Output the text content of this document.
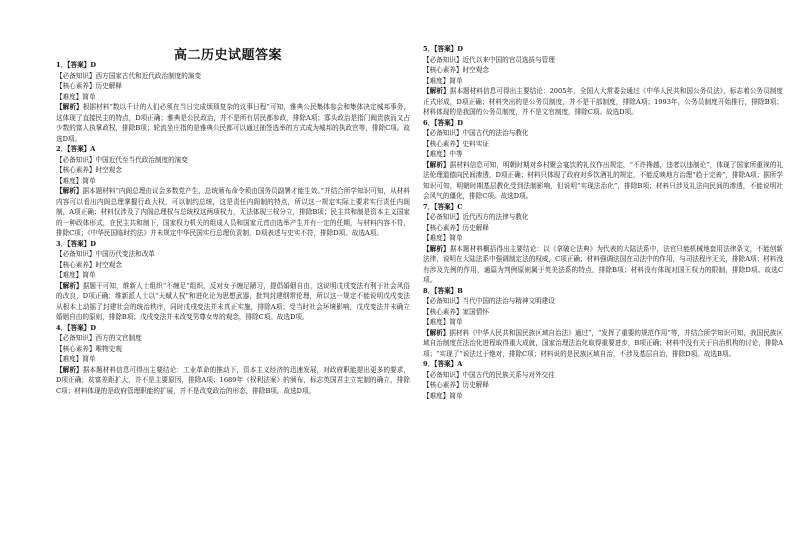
高二历史试题答案
1．【答案】D
【必备知识】西方国家古代和近代政治制度的演变
【核心素养】历史解释
【难度】简单
【解析】根据材料“数以千计的人们必须在当日完成烦琐复杂的议事日程”可知，雅典公民集体参会和集体决定城邦事务，这体现了直接民主的特点，D项正确；雅典是公民政治，并不是所有居民都参政，排除A项；寡头政治是指门阀贵族而又占少数的富人执掌政权，排除B项；轮流坐庄指的是雅典公民都可以通过抽签选举的方式成为城邦的执政官等，排除C项。故选D项。
2．【答案】A
【必备知识】中国近代至当代政治制度的演变
【核心素养】时空观念
【难度】简单
【解析】据本题材料“内阁总理由议会多数党产生，总统颁布命令须由国务员副署才能生效。”并结合所学知识可知，从材料内容可以看出内阁总理掌握行政大权，可以制约总统，这是责任内阁制的特点，所以这一规定实际上要求实行责任内阁制，A项正确；材料仅涉及了内阁总理权与总统权这两项权力，无法体现三权分立，排除B项；民主共和制是资本主义国家的一种政体形式，在民主共和制下，国家权力机关的组成人员和国家元首由选举产生并有一定的任期，与材料内容不符，排除C项；《中华民国临时约法》并未规定中华民国实行总理负责制，D项表述与史实不符，排除D项。故选A项。
3．【答案】D
【必备知识】中国历代变法和改革
【核心素养】时空观念
【难度】简单
【解析】据题干可知，维新人士组织“不缠足”组织，反对女子缠足陋习，提倡婚姻自由，这说明戊戌变法有利于社会风俗的改良，D项正确；维新派人士以“天赋人权”和进化论为思想武器，批判封建纲常伦理，所以这一规定不能说明戊戌变法从根本上动摇了封建社会的统治秩序，同时戊戌变法并未真正实施，排除A项；受当时社会环境影响，戊戌变法并未确立婚姻自由的原则，排除B项；戊戌变法并未改变男尊女卑的观念，排除C项。故选D项。
4．【答案】D
【必备知识】西方的文官制度
【核心素养】唯物史观
【难度】简单
【解析】据本题材料信息可得出主要结论：工业革命的推动下，资本主义经济的迅速发展，对政府职能提出更多的要求，D项正确；贫富差距扩大，并不是主要原因，排除A项；1689年《权利法案》的颁布，标志英国君主立宪制的确立，排除C项；材料体现的是政府管理职能的扩展，并不是改变政治的形态，排除B项。故选D项。
5．【答案】D
【必备知识】近代以来中国的官员选拔与管理
【核心素养】时空观念
【难度】简单
【解析】据本题材料信息可得出主要结论：2005年，全国人大常委会通过《中华人民共和国公务员法》，标志着公务员制度正式形成，D项正确；材料突出的是公务员制度，并不是干部制度，排除A项；1993年，公务员制度开始推行，排除B项；材料体现的是我国的公务员制度，并不是文官制度，排除C项。故选D项。
6．【答案】D
【必备知识】中国古代的法治与教化
【核心素养】史料实证
【难度】中等
【解析】据材料信息可知，明朝时期对乡村聚会宴饮的礼仪作出规定，“不许搀越，违者以违制论”，体现了国家所重视的礼法伦理道德向民间渗透，D项正确；材料只体现了政府对乡饮酒礼的规定，不能反映地方治理“趋于完善”，排除A项；据所学知识可知，明朝时期基层教化受到法制影响，但说明“实现法治化”，排除B项；材料只涉及礼法向民间的渗透，不能说明社会风气的僵化，排除C项。故选D项。
7．【答案】C
【必备知识】近代西方的法律与教化
【核心素养】历史解释
【难度】简单
【解析】据本题材料概括得出主要结论：以《拿破仑法典》为代表的大陆法系中，法官只能机械地套用法律条文，不能创新法律，说明在大陆法系中强调制定法的权威，C项正确；材料强调法国在司法中的作用，与司法程序无关，排除A项；材料没有涉及先例的作用，通篇为判例原则属于英美法系的特点，排除B项；材料没有体现对国王权力的限制，排除D项。故选C项。
8．【答案】B
【必备知识】当代中国的法治与精神文明建设
【核心素养】家国情怀
【难度】简单
【解析】据材料《中华人民共和国民族区域自治法》通过”，“发挥了重要的规范作用”等，并结合所学知识可知，我国民族区域自治制度在法治化进程取得重大成就，国家治理法治化取得重要进步，B项正确；材料中没有关于自治机构的讨论，排除A项；“实现了”说法过于绝对，排除C项；材料说的是民族区域自治，不涉及基层自治，排除D项。故选B项。
9．【答案】A
【必备知识】中国古代的民族关系与对外交往
【核心素养】历史解释
【难度】简单
